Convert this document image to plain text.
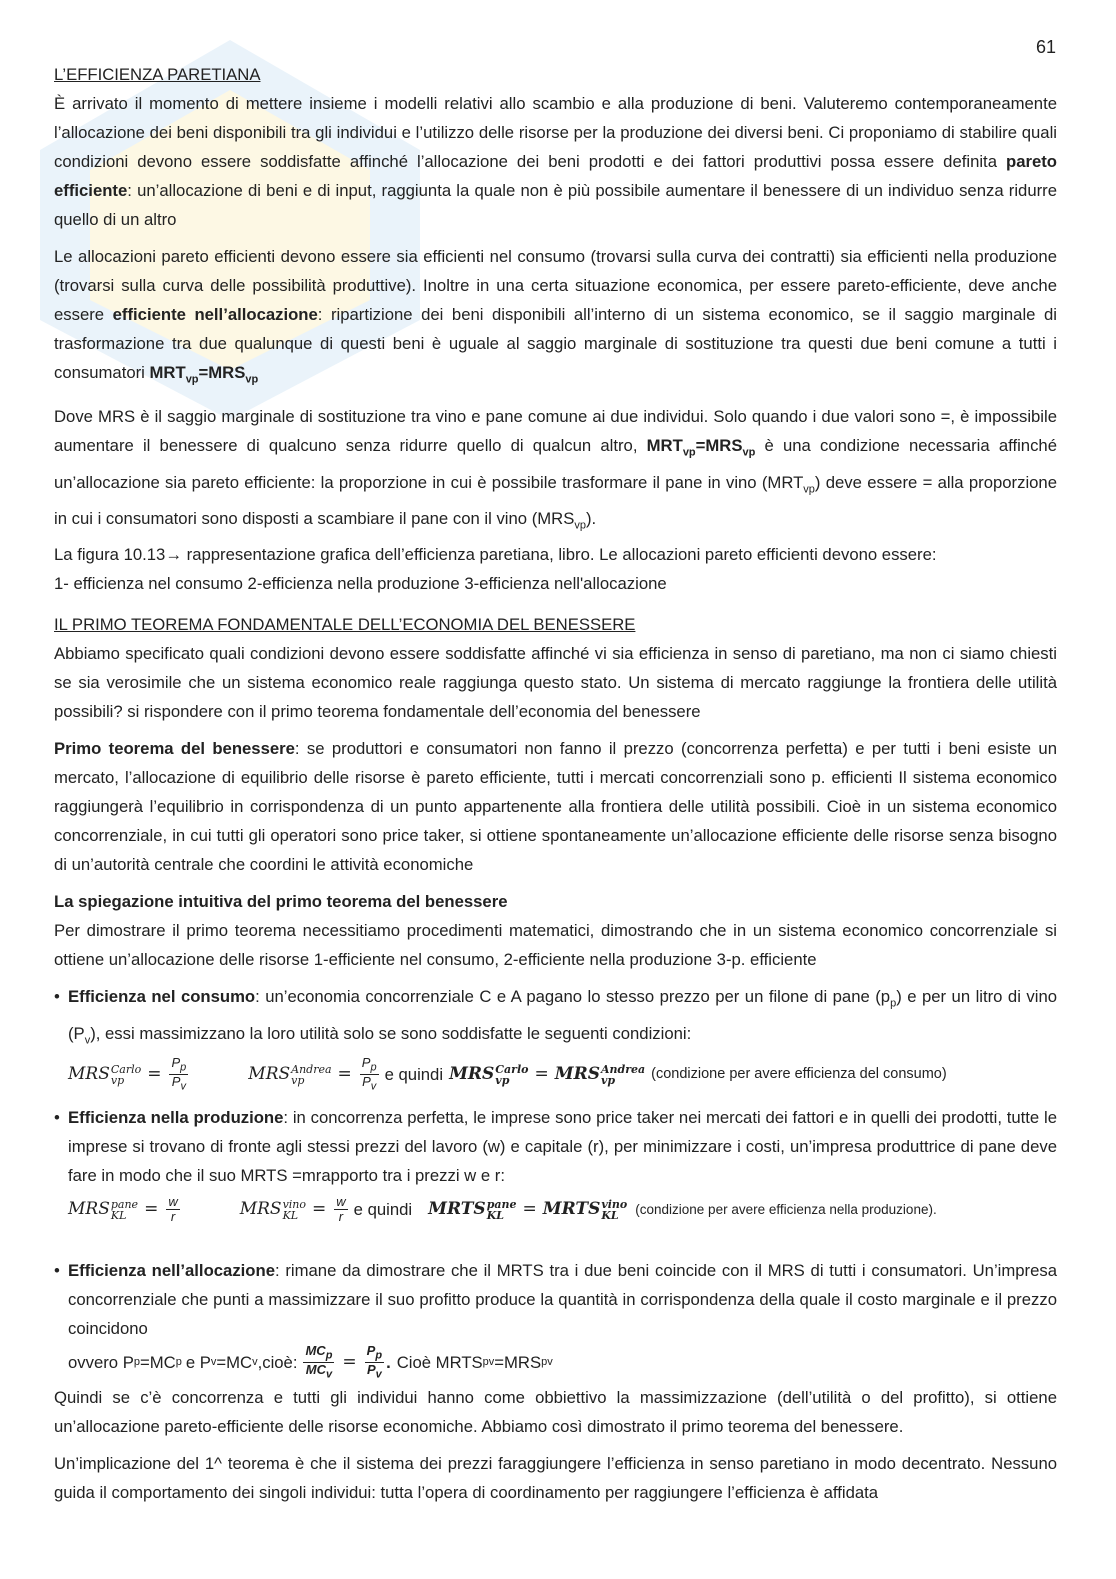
61

L’EFFICIENZA PARETIANA

È arrivato il momento di mettere insieme i modelli relativi allo scambio e alla produzione di beni. Valuteremo contemporaneamente l’allocazione dei beni disponibili tra gli individui e l’utilizzo delle risorse per la produzione dei diversi beni. Ci proponiamo di stabilire quali condizioni devono essere soddisfatte affinché l’allocazione dei beni prodotti e dei fattori produttivi possa essere definita pareto efficiente: un’allocazione di beni e di input, raggiunta la quale non è più possibile aumentare il benessere di un individuo senza ridurre quello di un altro

Le allocazioni pareto efficienti devono essere sia efficienti nel consumo (trovarsi sulla curva dei contratti) sia efficienti nella produzione (trovarsi sulla curva delle possibilità produttive). Inoltre in una certa situazione economica, per essere pareto-efficiente, deve anche essere efficiente nell’allocazione: ripartizione dei beni disponibili all’interno di un sistema economico, se il saggio marginale di trasformazione tra due qualunque di questi beni è uguale al saggio marginale di sostituzione tra questi due beni comune a tutti i consumatori $MRT_{vp}=MRS_{vp}$

Dove MRS è il saggio marginale di sostituzione tra vino e pane comune ai due individui. Solo quando i due valori sono =, è impossibile aumentare il benessere di qualcuno senza ridurre quello di qualcun altro, $MRT_{vp}=MRS_{vp}$ è una condizione necessaria affinché un’allocazione sia pareto efficiente: la proporzione in cui è possibile trasformare il pane in vino $(MRT_{vp})$ deve essere = alla proporzione in cui i consumatori sono disposti a scambiare il pane con il vino $(MRS_{vp})$.

La figura 10.13→ rappresentazione grafica dell’efficienza paretiana, libro. Le allocazioni pareto efficienti devono essere:

1- efficienza nel consumo 2-efficienza nella produzione 3-efficienza nell'allocazione

IL PRIMO TEOREMA FONDAMENTALE DELL’ECONOMIA DEL BENESSERE

Abbiamo specificato quali condizioni devono essere soddisfatte affinché vi sia efficienza in senso di paretiano, ma non ci siamo chiesti se sia verosimile che un sistema economico reale raggiunga questo stato. Un sistema di mercato raggiunge la frontiera delle utilità possibili? si rispondere con il primo teorema fondamentale dell’economia del benessere

Primo teorema del benessere: se produttori e consumatori non fanno il prezzo (concorrenza perfetta) e per tutti i beni esiste un mercato, l’allocazione di equilibrio delle risorse è pareto efficiente, tutti i mercati concorrenziali sono p. efficienti Il sistema economico raggiungerà l’equilibrio in corrispondenza di un punto appartenente alla frontiera delle utilità possibili. Cioè in un sistema economico concorrenziale, in cui tutti gli operatori sono price taker, si ottiene spontaneamente un’allocazione efficiente delle risorse senza bisogno di un’autorità centrale che coordini le attività economiche

La spiegazione intuitiva del primo teorema del benessere

Per dimostrare il primo teorema necessitiamo procedimenti matematici, dimostrando che in un sistema economico concorrenziale si ottiene un’allocazione delle risorse 1-efficiente nel consumo, 2-efficiente nella produzione 3-p. efficiente

• Efficienza nel consumo: un’economia concorrenziale C e A pagano lo stesso prezzo per un filone di pane $(p_p)$ e per un litro di vino $(P_v)$, essi massimizzano la loro utilità solo se sono soddisfatte le seguenti condizioni:

MRS Carlo
vp	= $\frac{P_p}{P_v}$	MRS Andrea
vp	= $\frac{P_p}{P_v}$ e quindi MRS Carlo
vp	= MRS Andrea
vp	(condizione per avere efficienza del consumo)

• Efficienza nella produzione: in concorrenza perfetta, le imprese sono price taker nei mercati dei fattori e in quelli dei prodotti, tutte le imprese si trovano di fronte agli stessi prezzi del lavoro (w) e capitale (r), per minimizzare i costi, un’impresa produttrice di pane deve fare in modo che il suo MRTS =mrapporto tra i prezzi w e r:

MRS pane
KL	= $\frac{w}{r}$	MRS vino
KL = $\frac{w}{r}$ e quindi MRTS pane
KL	= MRTS vino
KL	(condizione per avere efficienza nella produzione).

• Efficienza nell’allocazione: rimane da dimostrare che il MRTS tra i due beni coincide con il MRS di tutti i consumatori. Un’impresa concorrenziale che punti a massimizzare il suo profitto produce la quantità in corrispondenza della quale il costo marginale e il prezzo coincidono

ovvero P p = MC p e P v = MC v , cioè:
$MC_p$
$MC_v$
= $\frac{P_p}{P_v}$ . Cioè MRTS pv =MRS pv

Quindi se c’è concorrenza e tutti gli individui hanno come obbiettivo la massimizzazione (dell’utilità o del profitto), si ottiene un’allocazione pareto-efficiente delle risorse economiche. Abbiamo così dimostrato il primo teorema del benessere.

Un’implicazione del 1^ teorema è che il sistema dei prezzi faraggiungere l’efficienza in senso paretiano in modo decentrato. Nessuno guida il comportamento dei singoli individui: tutta l’opera di coordinamento per raggiungere l’efficienza è affidata
